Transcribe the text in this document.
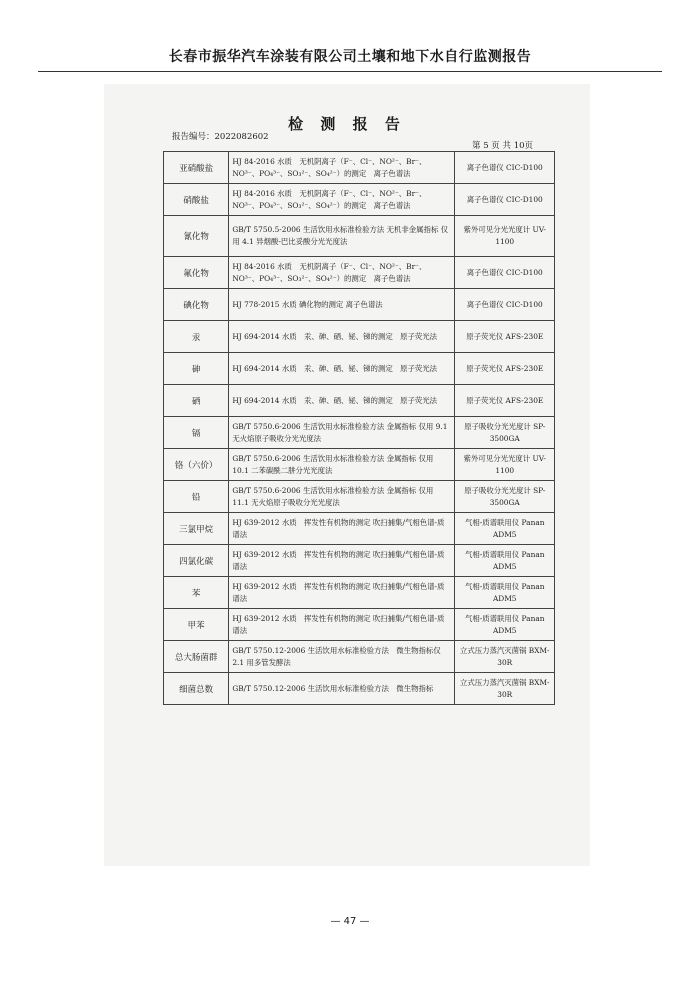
长春市振华汽车涂装有限公司土壤和地下水自行监测报告
检 测 报 告
报告编号：2022082602
第 5 页 共 10页
亚硝酸盐	HJ 84-2016 水质　无机阴离子（F⁻、Cl⁻、NO²⁻、Br⁻、NO³⁻、PO₄³⁻、SO₃²⁻、SO₄²⁻）的测定　离子色谱法	离子色谱仪 CIC-D100
硝酸盐	HJ 84-2016 水质　无机阴离子（F⁻、Cl⁻、NO²⁻、Br⁻、NO³⁻、PO₄³⁻、SO₃²⁻、SO₄²⁻）的测定　离子色谱法	离子色谱仪 CIC-D100
氰化物	GB/T 5750.5-2006 生活饮用水标准检验方法 无机非金属指标 仅用 4.1 异烟酸-巴比妥酸分光光度法	紫外可见分光光度计 UV-1100
氟化物	HJ 84-2016 水质　无机阴离子（F⁻、Cl⁻、NO²⁻、Br⁻、NO³⁻、PO₄³⁻、SO₃²⁻、SO₄²⁻）的测定　离子色谱法	离子色谱仪 CIC-D100
碘化物	HJ 778-2015 水质 碘化物的测定 离子色谱法	离子色谱仪 CIC-D100
汞	HJ 694-2014 水质　汞、砷、硒、铋、锑的测定　原子荧光法	原子荧光仪 AFS-230E
砷	HJ 694-2014 水质　汞、砷、硒、铋、锑的测定　原子荧光法	原子荧光仪 AFS-230E
硒	HJ 694-2014 水质　汞、砷、硒、铋、锑的测定　原子荧光法	原子荧光仪 AFS-230E
镉	GB/T 5750.6-2006 生活饮用水标准检验方法 金属指标 仅用 9.1 无火焰原子吸收分光光度法	原子吸收分光光度计 SP-3500GA
铬（六价）	GB/T 5750.6-2006 生活饮用水标准检验方法 金属指标 仅用 10.1 二苯碳酰二肼分光光度法	紫外可见分光光度计 UV-1100
铅	GB/T 5750.6-2006 生活饮用水标准检验方法 金属指标 仅用 11.1 无火焰原子吸收分光光度法	原子吸收分光光度计 SP-3500GA
三氯甲烷	HJ 639-2012 水质　挥发性有机物的测定 吹扫捕集/气相色谱-质谱法	气相-质谱联用仪 Panan ADM5
四氯化碳	HJ 639-2012 水质　挥发性有机物的测定 吹扫捕集/气相色谱-质谱法	气相-质谱联用仪 Panan ADM5
苯	HJ 639-2012 水质　挥发性有机物的测定 吹扫捕集/气相色谱-质谱法	气相-质谱联用仪 Panan ADM5
甲苯	HJ 639-2012 水质　挥发性有机物的测定 吹扫捕集/气相色谱-质谱法	气相-质谱联用仪 Panan ADM5
总大肠菌群	GB/T 5750.12-2006 生活饮用水标准检验方法　微生物指标仅 2.1 用多管发酵法	立式压力蒸汽灭菌锅 BXM-30R
细菌总数	GB/T 5750.12-2006 生活饮用水标准检验方法　微生物指标	立式压力蒸汽灭菌锅 BXM-30R
— 47 —
